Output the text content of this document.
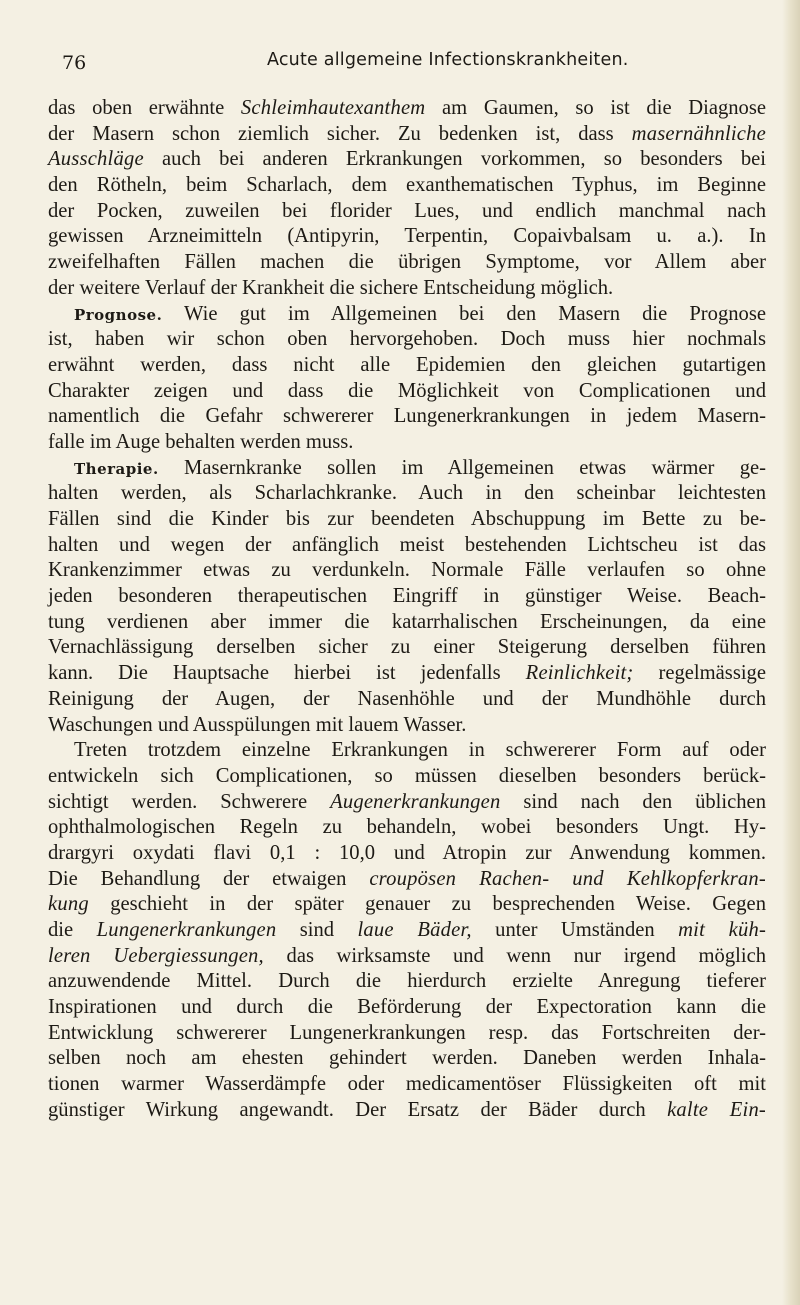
76	Acute allgemeine Infectionskrankheiten.
das oben erwähnte Schleimhautexanthem am Gaumen, so ist die Diagnose
der Masern schon ziemlich sicher. Zu bedenken ist, dass masernähnliche
Ausschläge auch bei anderen Erkrankungen vorkommen, so besonders bei
den Rötheln, beim Scharlach, dem exanthematischen Typhus, im Beginne
der Pocken, zuweilen bei florider Lues, und endlich manchmal nach
gewissen Arzneimitteln (Antipyrin, Terpentin, Copaivbalsam u. a.). In
zweifelhaften Fällen machen die übrigen Symptome, vor Allem aber
der weitere Verlauf der Krankheit die sichere Entscheidung möglich.
Prognose. Wie gut im Allgemeinen bei den Masern die Prognose
ist, haben wir schon oben hervorgehoben. Doch muss hier nochmals
erwähnt werden, dass nicht alle Epidemien den gleichen gutartigen
Charakter zeigen und dass die Möglichkeit von Complicationen und
namentlich die Gefahr schwererer Lungenerkrankungen in jedem Masern-
falle im Auge behalten werden muss.
Therapie. Masernkranke sollen im Allgemeinen etwas wärmer ge-
halten werden, als Scharlachkranke. Auch in den scheinbar leichtesten
Fällen sind die Kinder bis zur beendeten Abschuppung im Bette zu be-
halten und wegen der anfänglich meist bestehenden Lichtscheu ist das
Krankenzimmer etwas zu verdunkeln. Normale Fälle verlaufen so ohne
jeden besonderen therapeutischen Eingriff in günstiger Weise. Beach-
tung verdienen aber immer die katarrhalischen Erscheinungen, da eine
Vernachlässigung derselben sicher zu einer Steigerung derselben führen
kann. Die Hauptsache hierbei ist jedenfalls Reinlichkeit; regelmässige
Reinigung der Augen, der Nasenhöhle und der Mundhöhle durch
Waschungen und Ausspülungen mit lauem Wasser.
Treten trotzdem einzelne Erkrankungen in schwererer Form auf oder
entwickeln sich Complicationen, so müssen dieselben besonders berück-
sichtigt werden. Schwerere Augenerkrankungen sind nach den üblichen
ophthalmologischen Regeln zu behandeln, wobei besonders Ungt. Hy-
drargyri oxydati flavi 0,1 : 10,0 und Atropin zur Anwendung kommen.
Die Behandlung der etwaigen croupösen Rachen- und Kehlkopferkran-
kung geschieht in der später genauer zu besprechenden Weise. Gegen
die Lungenerkrankungen sind laue Bäder, unter Umständen mit küh-
leren Uebergiessungen, das wirksamste und wenn nur irgend möglich
anzuwendende Mittel. Durch die hierdurch erzielte Anregung tieferer
Inspirationen und durch die Beförderung der Expectoration kann die
Entwicklung schwererer Lungenerkrankungen resp. das Fortschreiten der-
selben noch am ehesten gehindert werden. Daneben werden Inhala-
tionen warmer Wasserdämpfe oder medicamentöser Flüssigkeiten oft mit
günstiger Wirkung angewandt. Der Ersatz der Bäder durch kalte Ein-
